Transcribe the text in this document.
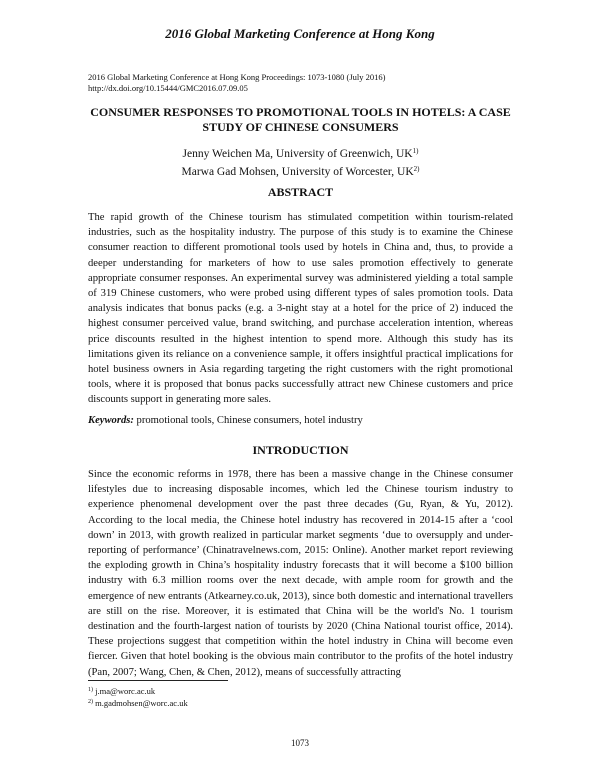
2016 Global Marketing Conference at Hong Kong
2016 Global Marketing Conference at Hong Kong Proceedings: 1073-1080 (July 2016)
http://dx.doi.org/10.15444/GMC2016.07.09.05
CONSUMER RESPONSES TO PROMOTIONAL TOOLS IN HOTELS: A CASE STUDY OF CHINESE CONSUMERS
Jenny Weichen Ma, University of Greenwich, UK$^{1)}$
Marwa Gad Mohsen, University of Worcester, UK$^{2)}$
ABSTRACT

The rapid growth of the Chinese tourism has stimulated competition within tourism-related industries, such as the hospitality industry. The purpose of this study is to examine the Chinese consumer reaction to different promotional tools used by hotels in China and, thus, to provide a deeper understanding for marketers of how to use sales promotion effectively to generate appropriate consumer responses. An experimental survey was administered yielding a total sample of 319 Chinese customers, who were probed using different types of sales promotion tools. Data analysis indicates that bonus packs (e.g. a 3-night stay at a hotel for the price of 2) induced the highest consumer perceived value, brand switching, and purchase acceleration intention, whereas price discounts resulted in the highest intention to spend more. Although this study has its limitations given its reliance on a convenience sample, it offers insightful practical implications for hotel business owners in Asia regarding targeting the right customers with the right promotional tools, where it is proposed that bonus packs successfully attract new Chinese customers and price discounts support in generating more sales.

Keywords: promotional tools, Chinese consumers, hotel industry
INTRODUCTION

Since the economic reforms in 1978, there has been a massive change in the Chinese consumer lifestyles due to increasing disposable incomes, which led the Chinese tourism industry to experience phenomenal development over the past three decades (Gu, Ryan, & Yu, 2012). According to the local media, the Chinese hotel industry has recovered in 2014-15 after a ‘cool down’ in 2013, with growth realized in particular market segments ‘due to oversupply and under-reporting of performance’ (Chinatravelnews.com, 2015: Online). Another market report reviewing the exploding growth in China’s hospitality industry forecasts that it will become a $100 billion industry with 6.3 million rooms over the next decade, with ample room for growth and the emergence of new entrants (Atkearney.co.uk, 2013), since both domestic and international travellers are still on the rise. Moreover, it is estimated that China will be the world's No. 1 tourism destination and the fourth-largest nation of tourists by 2020 (China National tourist office, 2014). These projections suggest that competition within the hotel industry in China will become even fiercer. Given that hotel booking is the obvious main contributor to the profits of the hotel industry (Pan, 2007; Wang, Chen, & Chen, 2012), means of successfully attracting

$^{1)}$ j.ma@worc.ac.uk
$^{2)}$ m.gadmohsen@worc.ac.uk
1073
